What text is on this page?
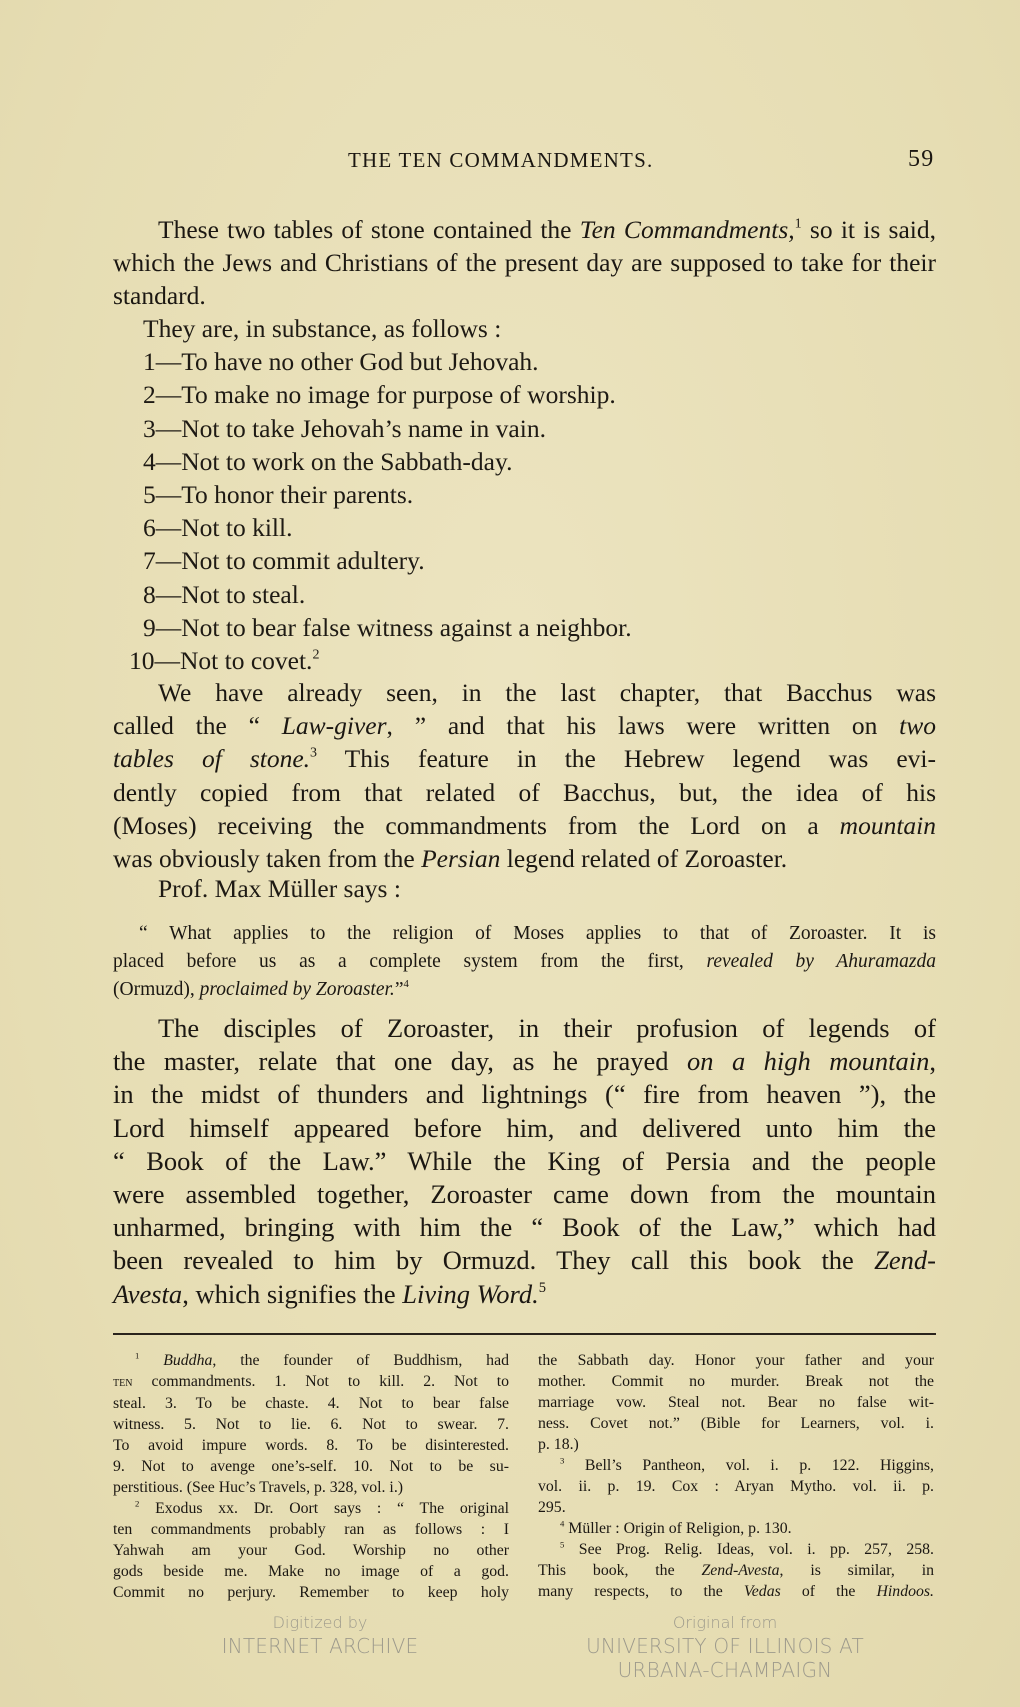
THE TEN COMMANDMENTS.	59
These two tables of stone contained the Ten Commandments,$^1$ so it is said, which the Jews and Christians of the present day are supposed to take for their standard.
They are, in substance, as follows :
1—To have no other God but Jehovah.
2—To make no image for purpose of worship.
3—Not to take Jehovah’s name in vain.
4—Not to work on the Sabbath-day.
5—To honor their parents.
6—Not to kill.
7—Not to commit adultery.
8—Not to steal.
9—Not to bear false witness against a neighbor.
10—Not to covet.$^2$
We have already seen, in the last chapter, that Bacchus was
called the “ Law-giver, ” and that his laws were written on two
tables of stone.$^3$ This feature in the Hebrew legend was evi-
dently copied from that related of Bacchus, but, the idea of his
(Moses) receiving the commandments from the Lord on a mountain
was obviously taken from the Persian legend related of Zoroaster.
Prof. Max Müller says :
“ What applies to the religion of Moses applies to that of Zoroaster. It is
placed before us as a complete system from the first, revealed by Ahuramazda
(Ormuzd), proclaimed by Zoroaster.”$^4$
The disciples of Zoroaster, in their profusion of legends of
the master, relate that one day, as he prayed on a high mountain,
in the midst of thunders and lightnings (“ fire from heaven ”), the
Lord himself appeared before him, and delivered unto him the
“ Book of the Law.” While the King of Persia and the people
were assembled together, Zoroaster came down from the mountain
unharmed, bringing with him the “ Book of the Law,” which had
been revealed to him by Ormuzd. They call this book the Zend-
Avesta, which signifies the Living Word.$^5$
$^1$ Buddha, the founder of Buddhism, had
ten commandments. 1. Not to kill. 2. Not to
steal. 3. To be chaste. 4. Not to bear false
witness. 5. Not to lie. 6. Not to swear. 7.
To avoid impure words. 8. To be disinterested.
9. Not to avenge one’s-self. 10. Not to be su-
perstitious. (See Huc’s Travels, p. 328, vol. i.)
$^2$ Exodus xx. Dr. Oort says : “ The original
ten commandments probably ran as follows : I
Yahwah am your God. Worship no other
gods beside me. Make no image of a god.
Commit no perjury. Remember to keep holy
the Sabbath day. Honor your father and your
mother. Commit no murder. Break not the
marriage vow. Steal not. Bear no false wit-
ness. Covet not.” (Bible for Learners, vol. i.
p. 18.)
$^3$ Bell’s Pantheon, vol. i. p. 122. Higgins,
vol. ii. p. 19. Cox : Aryan Mytho. vol. ii. p.
295.
$^4$ Müller : Origin of Religion, p. 130.
$^5$ See Prog. Relig. Ideas, vol. i. pp. 257, 258.
This book, the Zend-Avesta, is similar, in
many respects, to the Vedas of the Hindoos.
Digitized by
INTERNET ARCHIVE
Original from
UNIVERSITY OF ILLINOIS AT
URBANA-CHAMPAIGN
